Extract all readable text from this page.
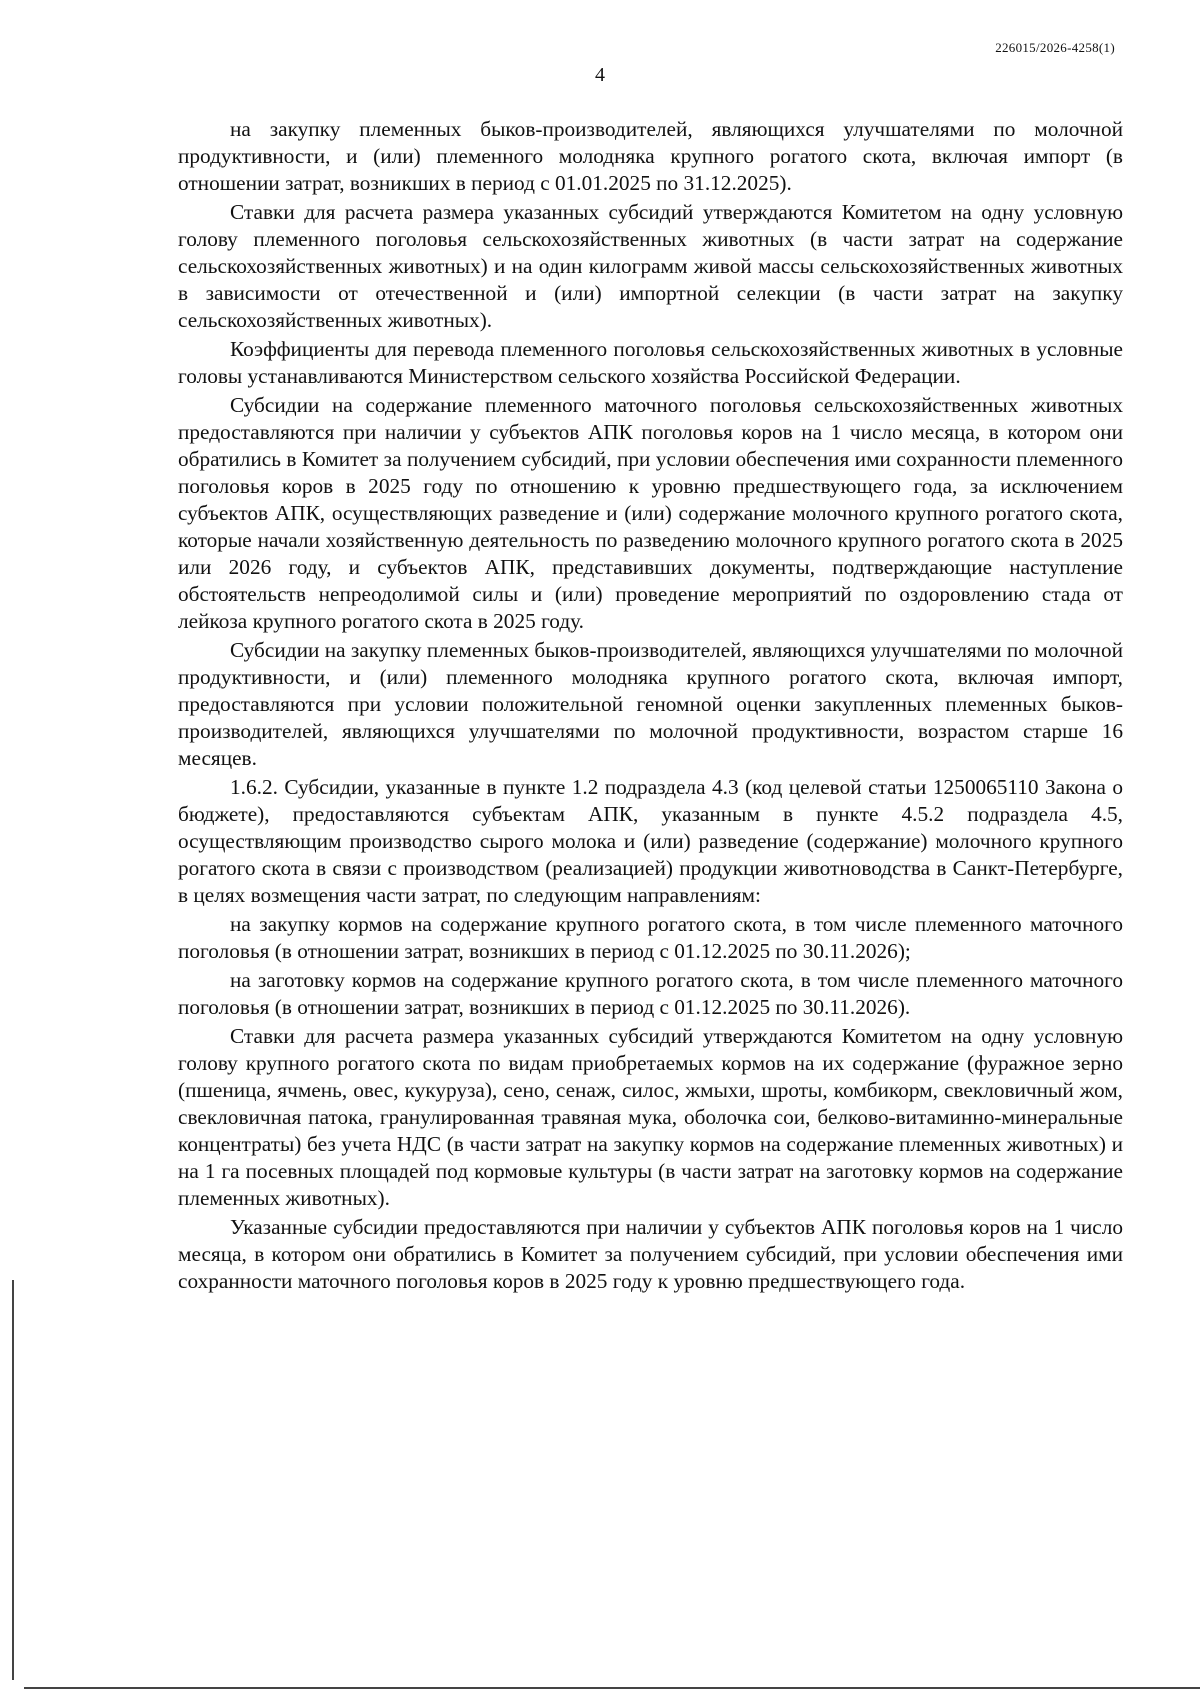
226015/2026-4258(1)
4

на закупку племенных быков-производителей, являющихся улучшателями по молочной продуктивности, и (или) племенного молодняка крупного рогатого скота, включая импорт (в отношении затрат, возникших в период с 01.01.2025 по 31.12.2025).

Ставки для расчета размера указанных субсидий утверждаются Комитетом на одну условную голову племенного поголовья сельскохозяйственных животных (в части затрат на содержание сельскохозяйственных животных) и на один килограмм живой массы сельскохозяйственных животных в зависимости от отечественной и (или) импортной селекции (в части затрат на закупку сельскохозяйственных животных).

Коэффициенты для перевода племенного поголовья сельскохозяйственных животных в условные головы устанавливаются Министерством сельского хозяйства Российской Федерации.

Субсидии на содержание племенного маточного поголовья сельскохозяйственных животных предоставляются при наличии у субъектов АПК поголовья коров на 1 число месяца, в котором они обратились в Комитет за получением субсидий, при условии обеспечения ими сохранности племенного поголовья коров в 2025 году по отношению к уровню предшествующего года, за исключением субъектов АПК, осуществляющих разведение и (или) содержание молочного крупного рогатого скота, которые начали хозяйственную деятельность по разведению молочного крупного рогатого скота в 2025 или 2026 году, и субъектов АПК, представивших документы, подтверждающие наступление обстоятельств непреодолимой силы и (или) проведение мероприятий по оздоровлению стада от лейкоза крупного рогатого скота в 2025 году.

Субсидии на закупку племенных быков-производителей, являющихся улучшателями по молочной продуктивности, и (или) племенного молодняка крупного рогатого скота, включая импорт, предоставляются при условии положительной геномной оценки закупленных племенных быков-производителей, являющихся улучшателями по молочной продуктивности, возрастом старше 16 месяцев.

1.6.2. Субсидии, указанные в пункте 1.2 подраздела 4.3 (код целевой статьи 1250065110 Закона о бюджете), предоставляются субъектам АПК, указанным в пункте 4.5.2 подраздела 4.5, осуществляющим производство сырого молока и (или) разведение (содержание) молочного крупного рогатого скота в связи с производством (реализацией) продукции животноводства в Санкт-Петербурге, в целях возмещения части затрат, по следующим направлениям:

на закупку кормов на содержание крупного рогатого скота, в том числе племенного маточного поголовья (в отношении затрат, возникших в период с 01.12.2025 по 30.11.2026);

на заготовку кормов на содержание крупного рогатого скота, в том числе племенного маточного поголовья (в отношении затрат, возникших в период с 01.12.2025 по 30.11.2026).

Ставки для расчета размера указанных субсидий утверждаются Комитетом на одну условную голову крупного рогатого скота по видам приобретаемых кормов на их содержание (фуражное зерно (пшеница, ячмень, овес, кукуруза), сено, сенаж, силос, жмыхи, шроты, комбикорм, свекловичный жом, свекловичная патока, гранулированная травяная мука, оболочка сои, белково-витаминно-минеральные концентраты) без учета НДС (в части затрат на закупку кормов на содержание племенных животных) и на 1 га посевных площадей под кормовые культуры (в части затрат на заготовку кормов на содержание племенных животных).

Указанные субсидии предоставляются при наличии у субъектов АПК поголовья коров на 1 число месяца, в котором они обратились в Комитет за получением субсидий, при условии обеспечения ими сохранности маточного поголовья коров в 2025 году к уровню предшествующего года.
